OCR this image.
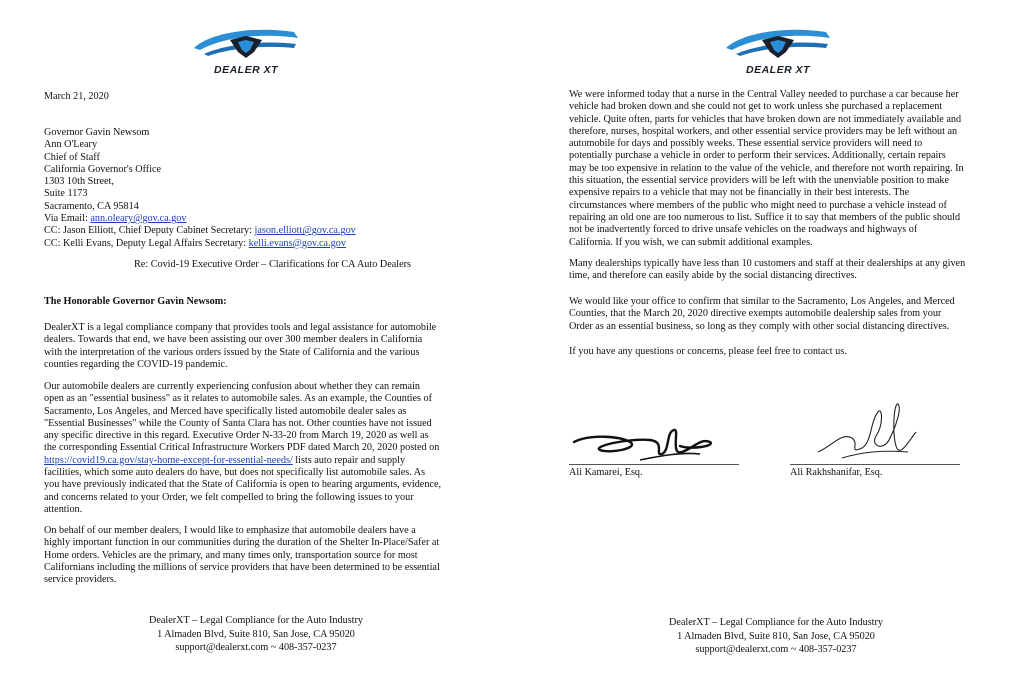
DEALER XT
March 21, 2020
Governor Gavin Newsom
Ann O'Leary
Chief of Staff
California Governor's Office
1303 10th Street,
Suite 1173
Sacramento, CA 95814
Via Email: ann.oleary@gov.ca.gov
CC: Jason Elliott, Chief Deputy Cabinet Secretary: jason.elliott@gov.ca.gov
CC: Kelli Evans, Deputy Legal Affairs Secretary: kelli.evans@gov.ca.gov
Re: Covid-19 Executive Order – Clarifications for CA Auto Dealers
The Honorable Governor Gavin Newsom:
DealerXT is a legal compliance company that provides tools and legal assistance for automobile
dealers. Towards that end, we have been assisting our over 300 member dealers in California
with the interpretation of the various orders issued by the State of California and the various
counties regarding the COVID-19 pandemic.
Our automobile dealers are currently experiencing confusion about whether they can remain
open as an "essential business" as it relates to automobile sales. As an example, the Counties of
Sacramento, Los Angeles, and Merced have specifically listed automobile dealer sales as
"Essential Businesses" while the County of Santa Clara has not. Other counties have not issued
any specific directive in this regard. Executive Order N-33-20 from March 19, 2020 as well as
the corresponding Essential Critical Infrastructure Workers PDF dated March 20, 2020 posted on
https://covid19.ca.gov/stay-home-except-for-essential-needs/ lists auto repair and supply
facilities, which some auto dealers do have, but does not specifically list automobile sales. As
you have previously indicated that the State of California is open to hearing arguments, evidence,
and concerns related to your Order, we felt compelled to bring the following issues to your
attention.
On behalf of our member dealers, I would like to emphasize that automobile dealers have a
highly important function in our communities during the duration of the Shelter In-Place/Safer at
Home orders. Vehicles are the primary, and many times only, transportation source for most
Californians including the millions of service providers that have been determined to be essential
service providers.
DealerXT – Legal Compliance for the Auto Industry
1 Almaden Blvd, Suite 810, San Jose, CA 95020
support@dealerxt.com ~ 408-357-0237
DEALER XT
We were informed today that a nurse in the Central Valley needed to purchase a car because her
vehicle had broken down and she could not get to work unless she purchased a replacement
vehicle. Quite often, parts for vehicles that have broken down are not immediately available and
therefore, nurses, hospital workers, and other essential service providers may be left without an
automobile for days and possibly weeks. These essential service providers will need to
potentially purchase a vehicle in order to perform their services. Additionally, certain repairs
may be too expensive in relation to the value of the vehicle, and therefore not worth repairing. In
this situation, the essential service providers will be left with the unenviable position to make
expensive repairs to a vehicle that may not be financially in their best interests. The
circumstances where members of the public who might need to purchase a vehicle instead of
repairing an old one are too numerous to list. Suffice it to say that members of the public should
not be inadvertently forced to drive unsafe vehicles on the roadways and highways of
California. If you wish, we can submit additional examples.
Many dealerships typically have less than 10 customers and staff at their dealerships at any given
time, and therefore can easily abide by the social distancing directives.
We would like your office to confirm that similar to the Sacramento, Los Angeles, and Merced
Counties, that the March 20, 2020 directive exempts automobile dealership sales from your
Order as an essential business, so long as they comply with other social distancing directives.
If you have any questions or concerns, please feel free to contact us.
Ali Kamarei, Esq.	Ali Rakhshanifar, Esq.
DealerXT – Legal Compliance for the Auto Industry
1 Almaden Blvd, Suite 810, San Jose, CA 95020
support@dealerxt.com ~ 408-357-0237
